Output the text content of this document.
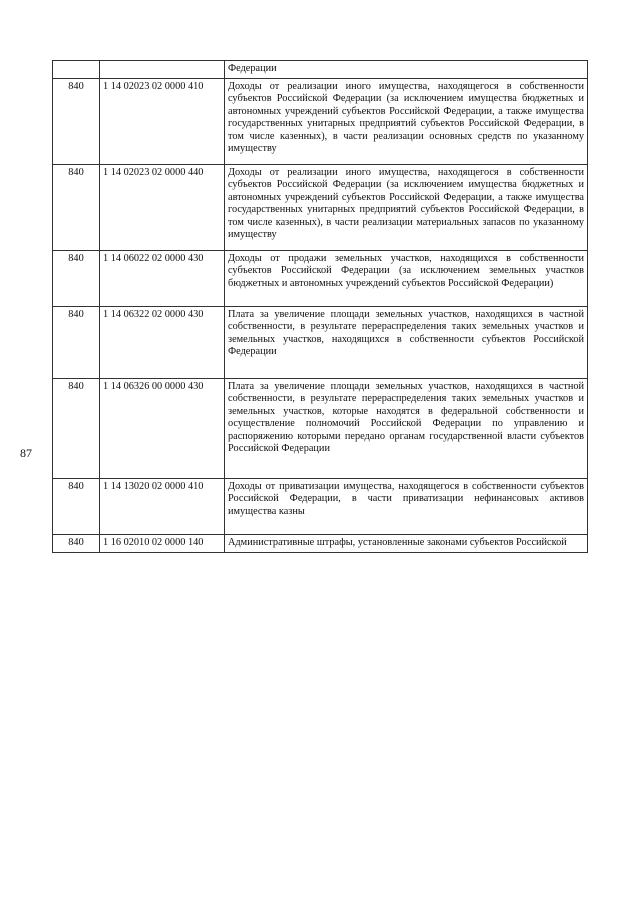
87
		Федерации
840	1 14 02023 02 0000 410	Доходы от реализации иного имущества, находящегося в собственности субъектов Российской Федерации (за исключением имущества бюджетных и автономных учреждений субъектов Российской Федерации, а также имущества государственных унитарных предприятий субъектов Российской Федерации, в том числе казенных), в части реализации основных средств по указанному имуществу
840	1 14 02023 02 0000 440	Доходы от реализации иного имущества, находящегося в собственности субъектов Российской Федерации (за исключением имущества бюджетных и автономных учреждений субъектов Российской Федерации, а также имущества государственных унитарных предприятий субъектов Российской Федерации, в том числе казенных), в части реализации материальных запасов по указанному имуществу
840	1 14 06022 02 0000 430	Доходы от продажи земельных участков, находящихся в собственности субъектов Российской Федерации (за исключением земельных участков бюджетных и автономных учреждений субъектов Российской Федерации)
840	1 14 06322 02 0000 430	Плата за увеличение площади земельных участков, находящихся в частной собственности, в результате перераспределения таких земельных участков и земельных участков, находящихся в собственности субъектов Российской Федерации
840	1 14 06326 00 0000 430	Плата за увеличение площади земельных участков, находящихся в частной собственности, в результате перераспределения таких земельных участков и земельных участков, которые находятся в федеральной собственности и осуществление полномочий Российской Федерации по управлению и распоряжению которыми передано органам государственной власти субъектов Российской Федерации
840	1 14 13020 02 0000 410	Доходы от приватизации имущества, находящегося в собственности субъектов Российской Федерации, в части приватизации нефинансовых активов имущества казны
840	1 16 02010 02 0000 140	Административные штрафы, установленные законами субъектов Российской
